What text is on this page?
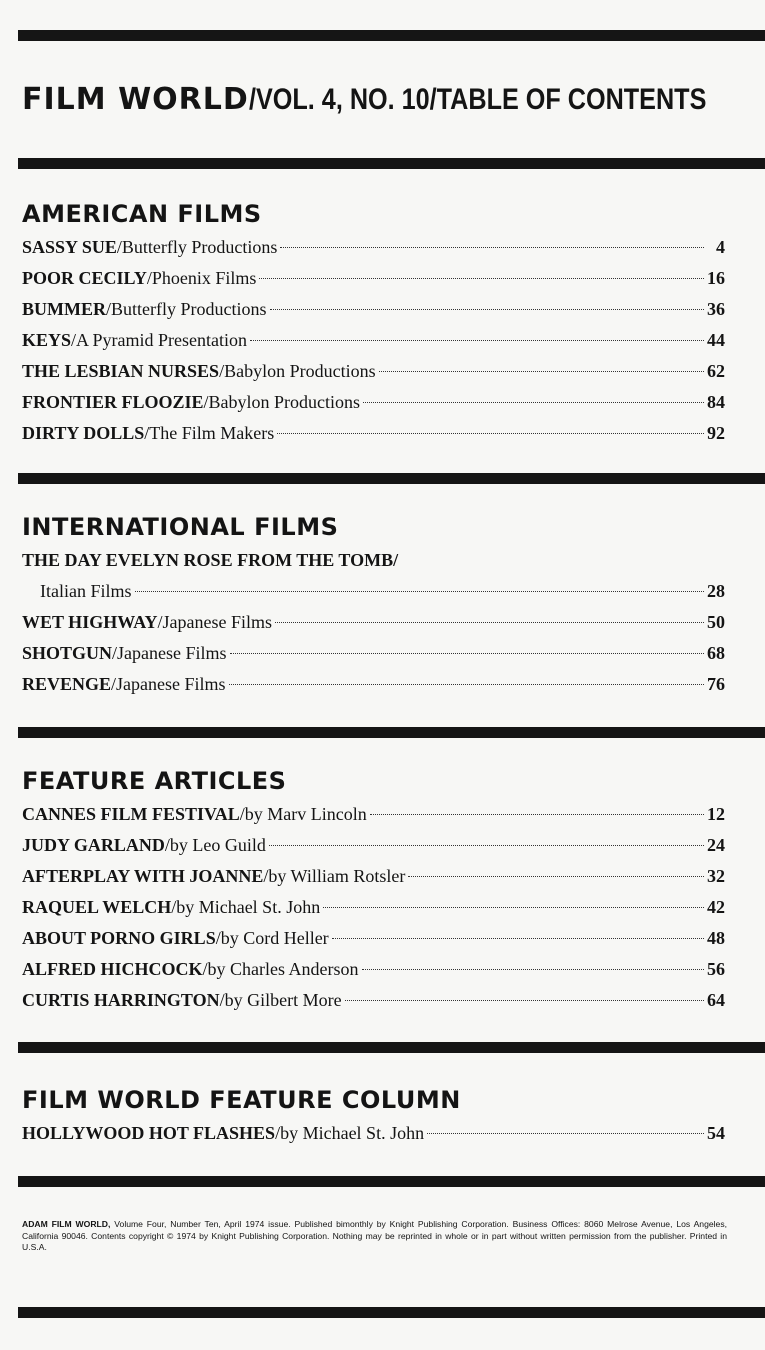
FILM WORLD/VOL. 4, NO. 10/TABLE OF CONTENTS
AMERICAN FILMS
SASSY SUE /Butterfly Productions	4
POOR CECILY /Phoenix Films	16
BUMMER /Butterfly Productions	36
KEYS /A Pyramid Presentation	44
THE LESBIAN NURSES /Babylon Productions	62
FRONTIER FLOOZIE /Babylon Productions	84
DIRTY DOLLS /The Film Makers	92
INTERNATIONAL FILMS
THE DAY EVELYN ROSE FROM THE TOMB/
Italian Films	28
WET HIGHWAY /Japanese Films	50
SHOTGUN /Japanese Films	68
REVENGE /Japanese Films	76
FEATURE ARTICLES
CANNES FILM FESTIVAL /by Marv Lincoln	12
JUDY GARLAND /by Leo Guild	24
AFTERPLAY WITH JOANNE /by William Rotsler	32
RAQUEL WELCH /by Michael St. John	42
ABOUT PORNO GIRLS /by Cord Heller	48
ALFRED HICHCOCK /by Charles Anderson	56
CURTIS HARRINGTON /by Gilbert More	64
FILM WORLD FEATURE COLUMN
HOLLYWOOD HOT FLASHES /by Michael St. John	54
ADAM FILM WORLD, Volume Four, Number Ten, April 1974 issue. Published bimonthly by Knight Publishing Corporation. Business Offices: 8060 Melrose Avenue, Los Angeles, California 90046. Contents copyright © 1974 by Knight Publishing Corporation. Nothing may be reprinted in whole or in part without written permission from the publisher. Printed in U.S.A.
